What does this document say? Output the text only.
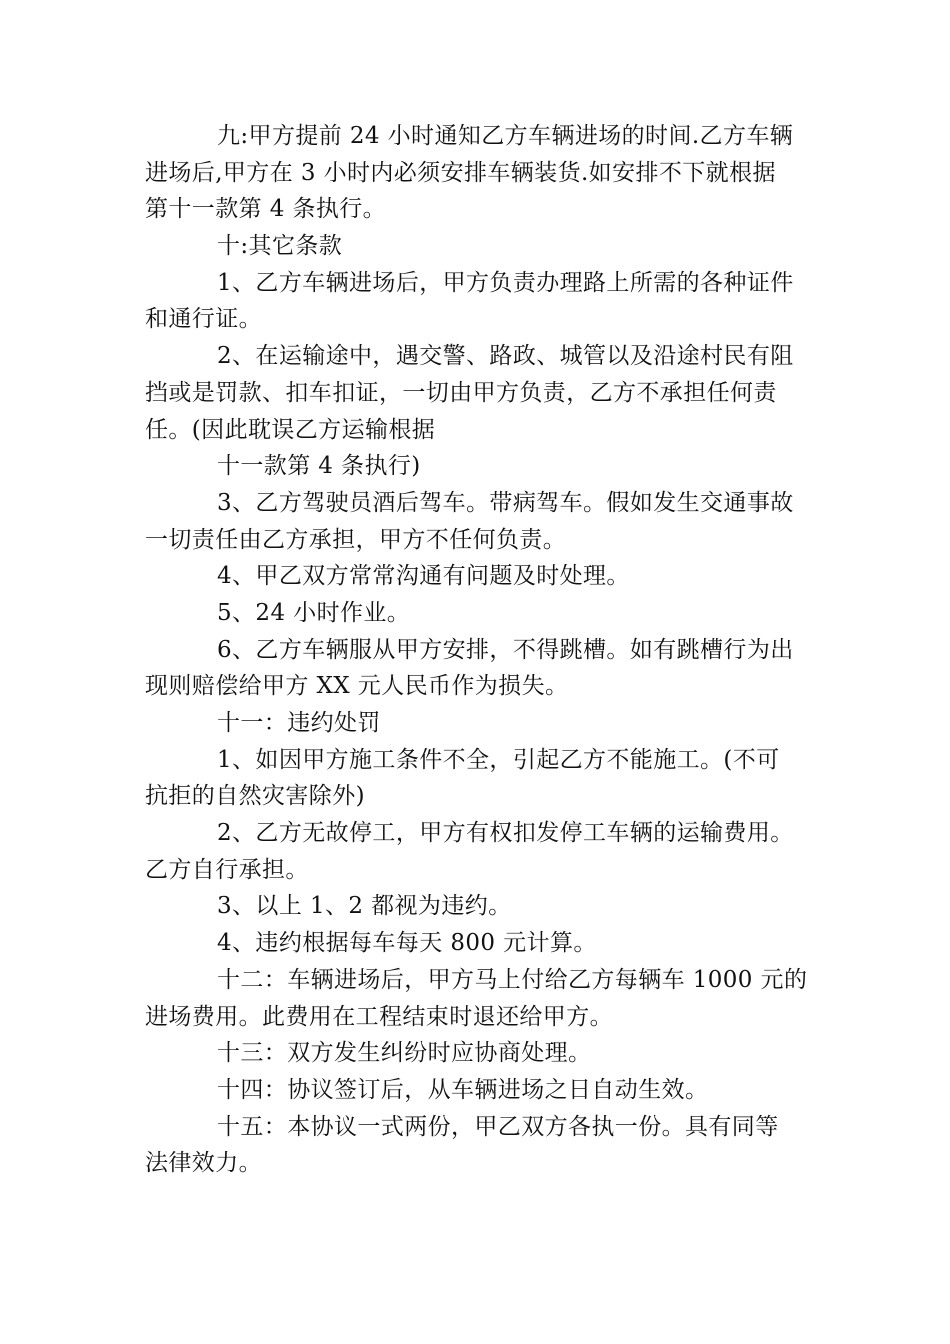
九:甲方提前 24 小时通知乙方车辆进场的时间.乙方车辆
进场后,甲方在 3 小时内必须安排车辆装货.如安排不下就根据
第十一款第 4 条执行。
十:其它条款
1、乙方车辆进场后，甲方负责办理路上所需的各种证件
和通行证。
2、在运输途中，遇交警、路政、城管以及沿途村民有阻
挡或是罚款、扣车扣证，一切由甲方负责，乙方不承担任何责
任。(因此耽误乙方运输根据
十一款第 4 条执行)
3、乙方驾驶员酒后驾车。带病驾车。假如发生交通事故
一切责任由乙方承担，甲方不任何负责。
4、甲乙双方常常沟通有问题及时处理。
5、24 小时作业。
6、乙方车辆服从甲方安排，不得跳槽。如有跳槽行为出
现则赔偿给甲方 XX 元人民币作为损失。
十一：违约处罚
1、如因甲方施工条件不全，引起乙方不能施工。(不可
抗拒的自然灾害除外)
2、乙方无故停工，甲方有权扣发停工车辆的运输费用。
乙方自行承担。
3、以上 1、2 都视为违约。
4、违约根据每车每天 800 元计算。
十二：车辆进场后，甲方马上付给乙方每辆车 1000 元的
进场费用。此费用在工程结束时退还给甲方。
十三：双方发生纠纷时应协商处理。
十四：协议签订后，从车辆进场之日自动生效。
十五：本协议一式两份，甲乙双方各执一份。具有同等
法律效力。
